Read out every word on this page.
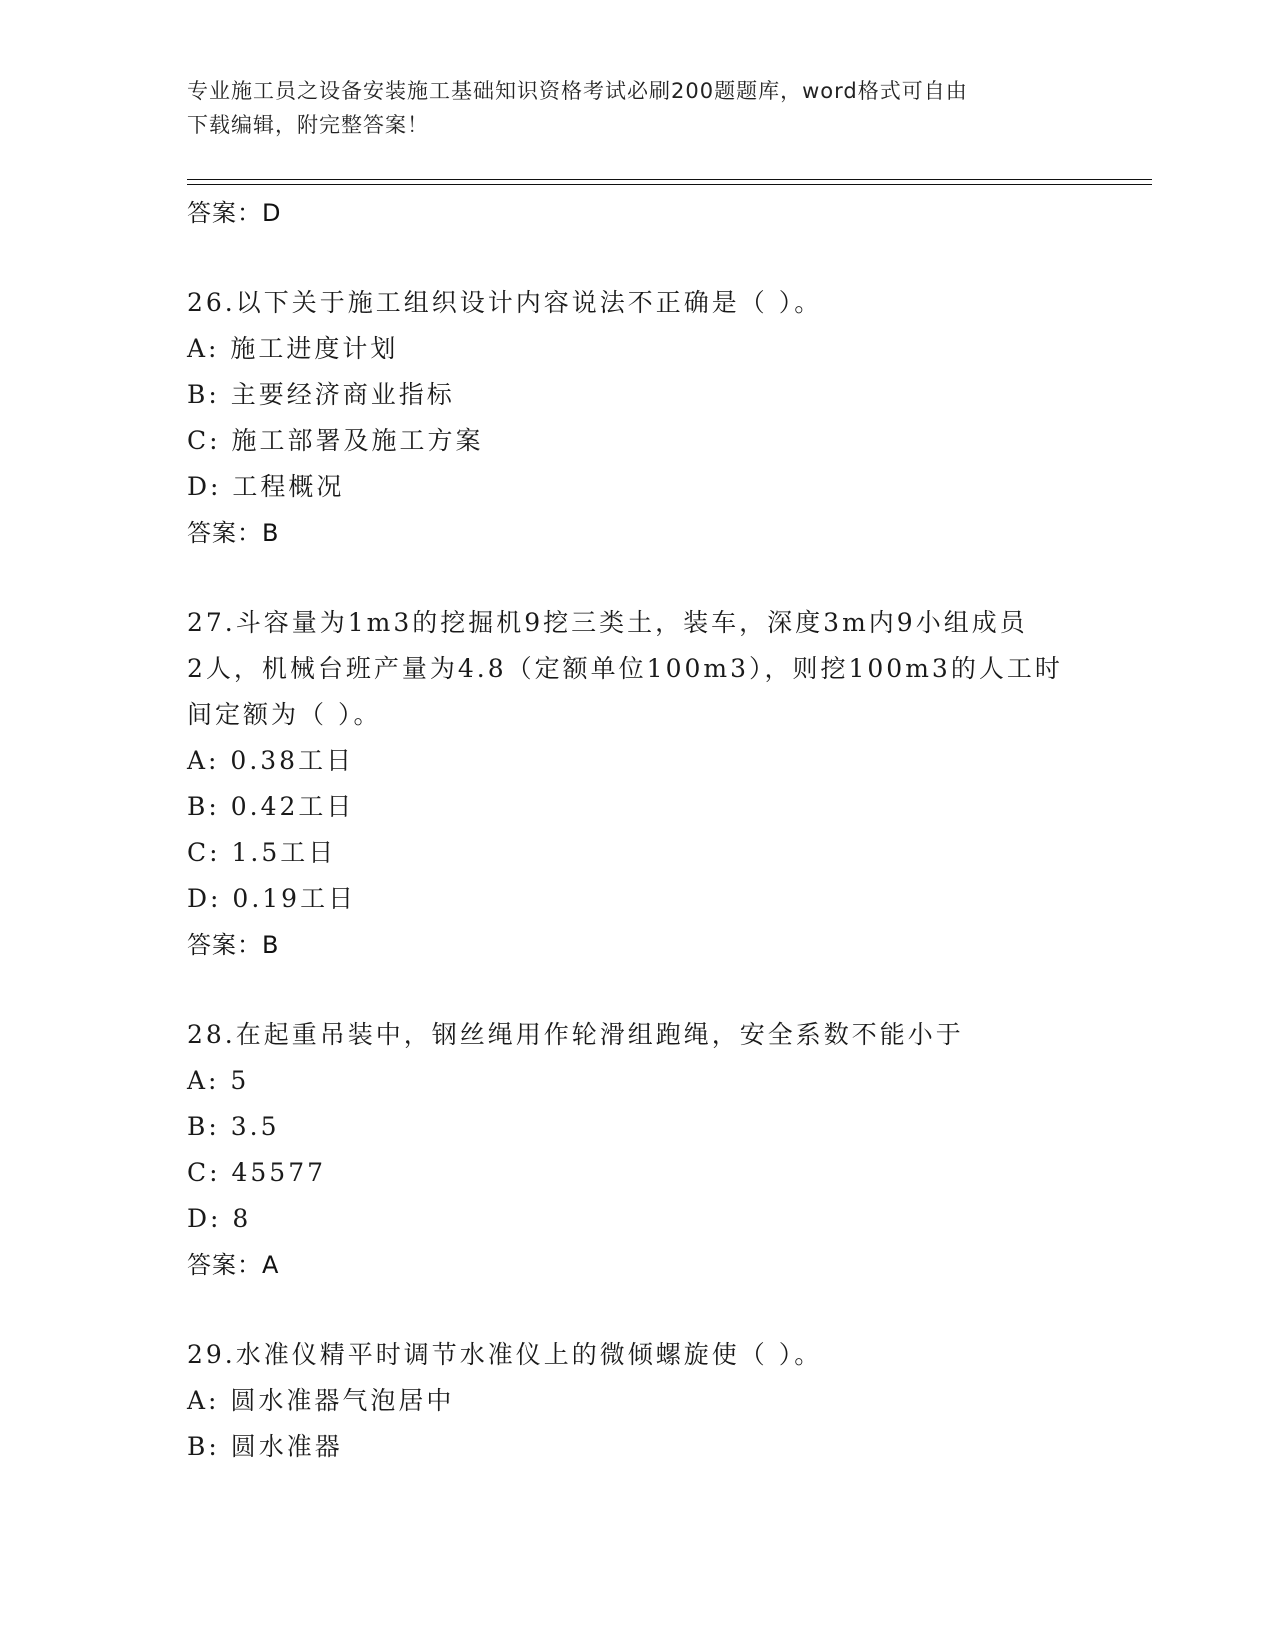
专业施工员之设备安装施工基础知识资格考试必刷200题题库，word格式可自由
下载编辑，附完整答案！
答案：D
26.以下关于施工组织设计内容说法不正确是（ ）。
A: 施工进度计划
B: 主要经济商业指标
C: 施工部署及施工方案
D: 工程概况
答案：B
27.斗容量为1m3的挖掘机9挖三类土，装车，深度3m内9小组成员
2人，机械台班产量为4.8（定额单位100m3），则挖100m3的人工时
间定额为（ ）。
A: 0.38工日
B: 0.42工日
C: 1.5工日
D: 0.19工日
答案：B
28.在起重吊装中，钢丝绳用作轮滑组跑绳，安全系数不能小于
A: 5
B: 3.5
C: 45577
D: 8
答案：A
29.水准仪精平时调节水准仪上的微倾螺旋使（ ）。
A: 圆水准器气泡居中
B: 圆水准器
